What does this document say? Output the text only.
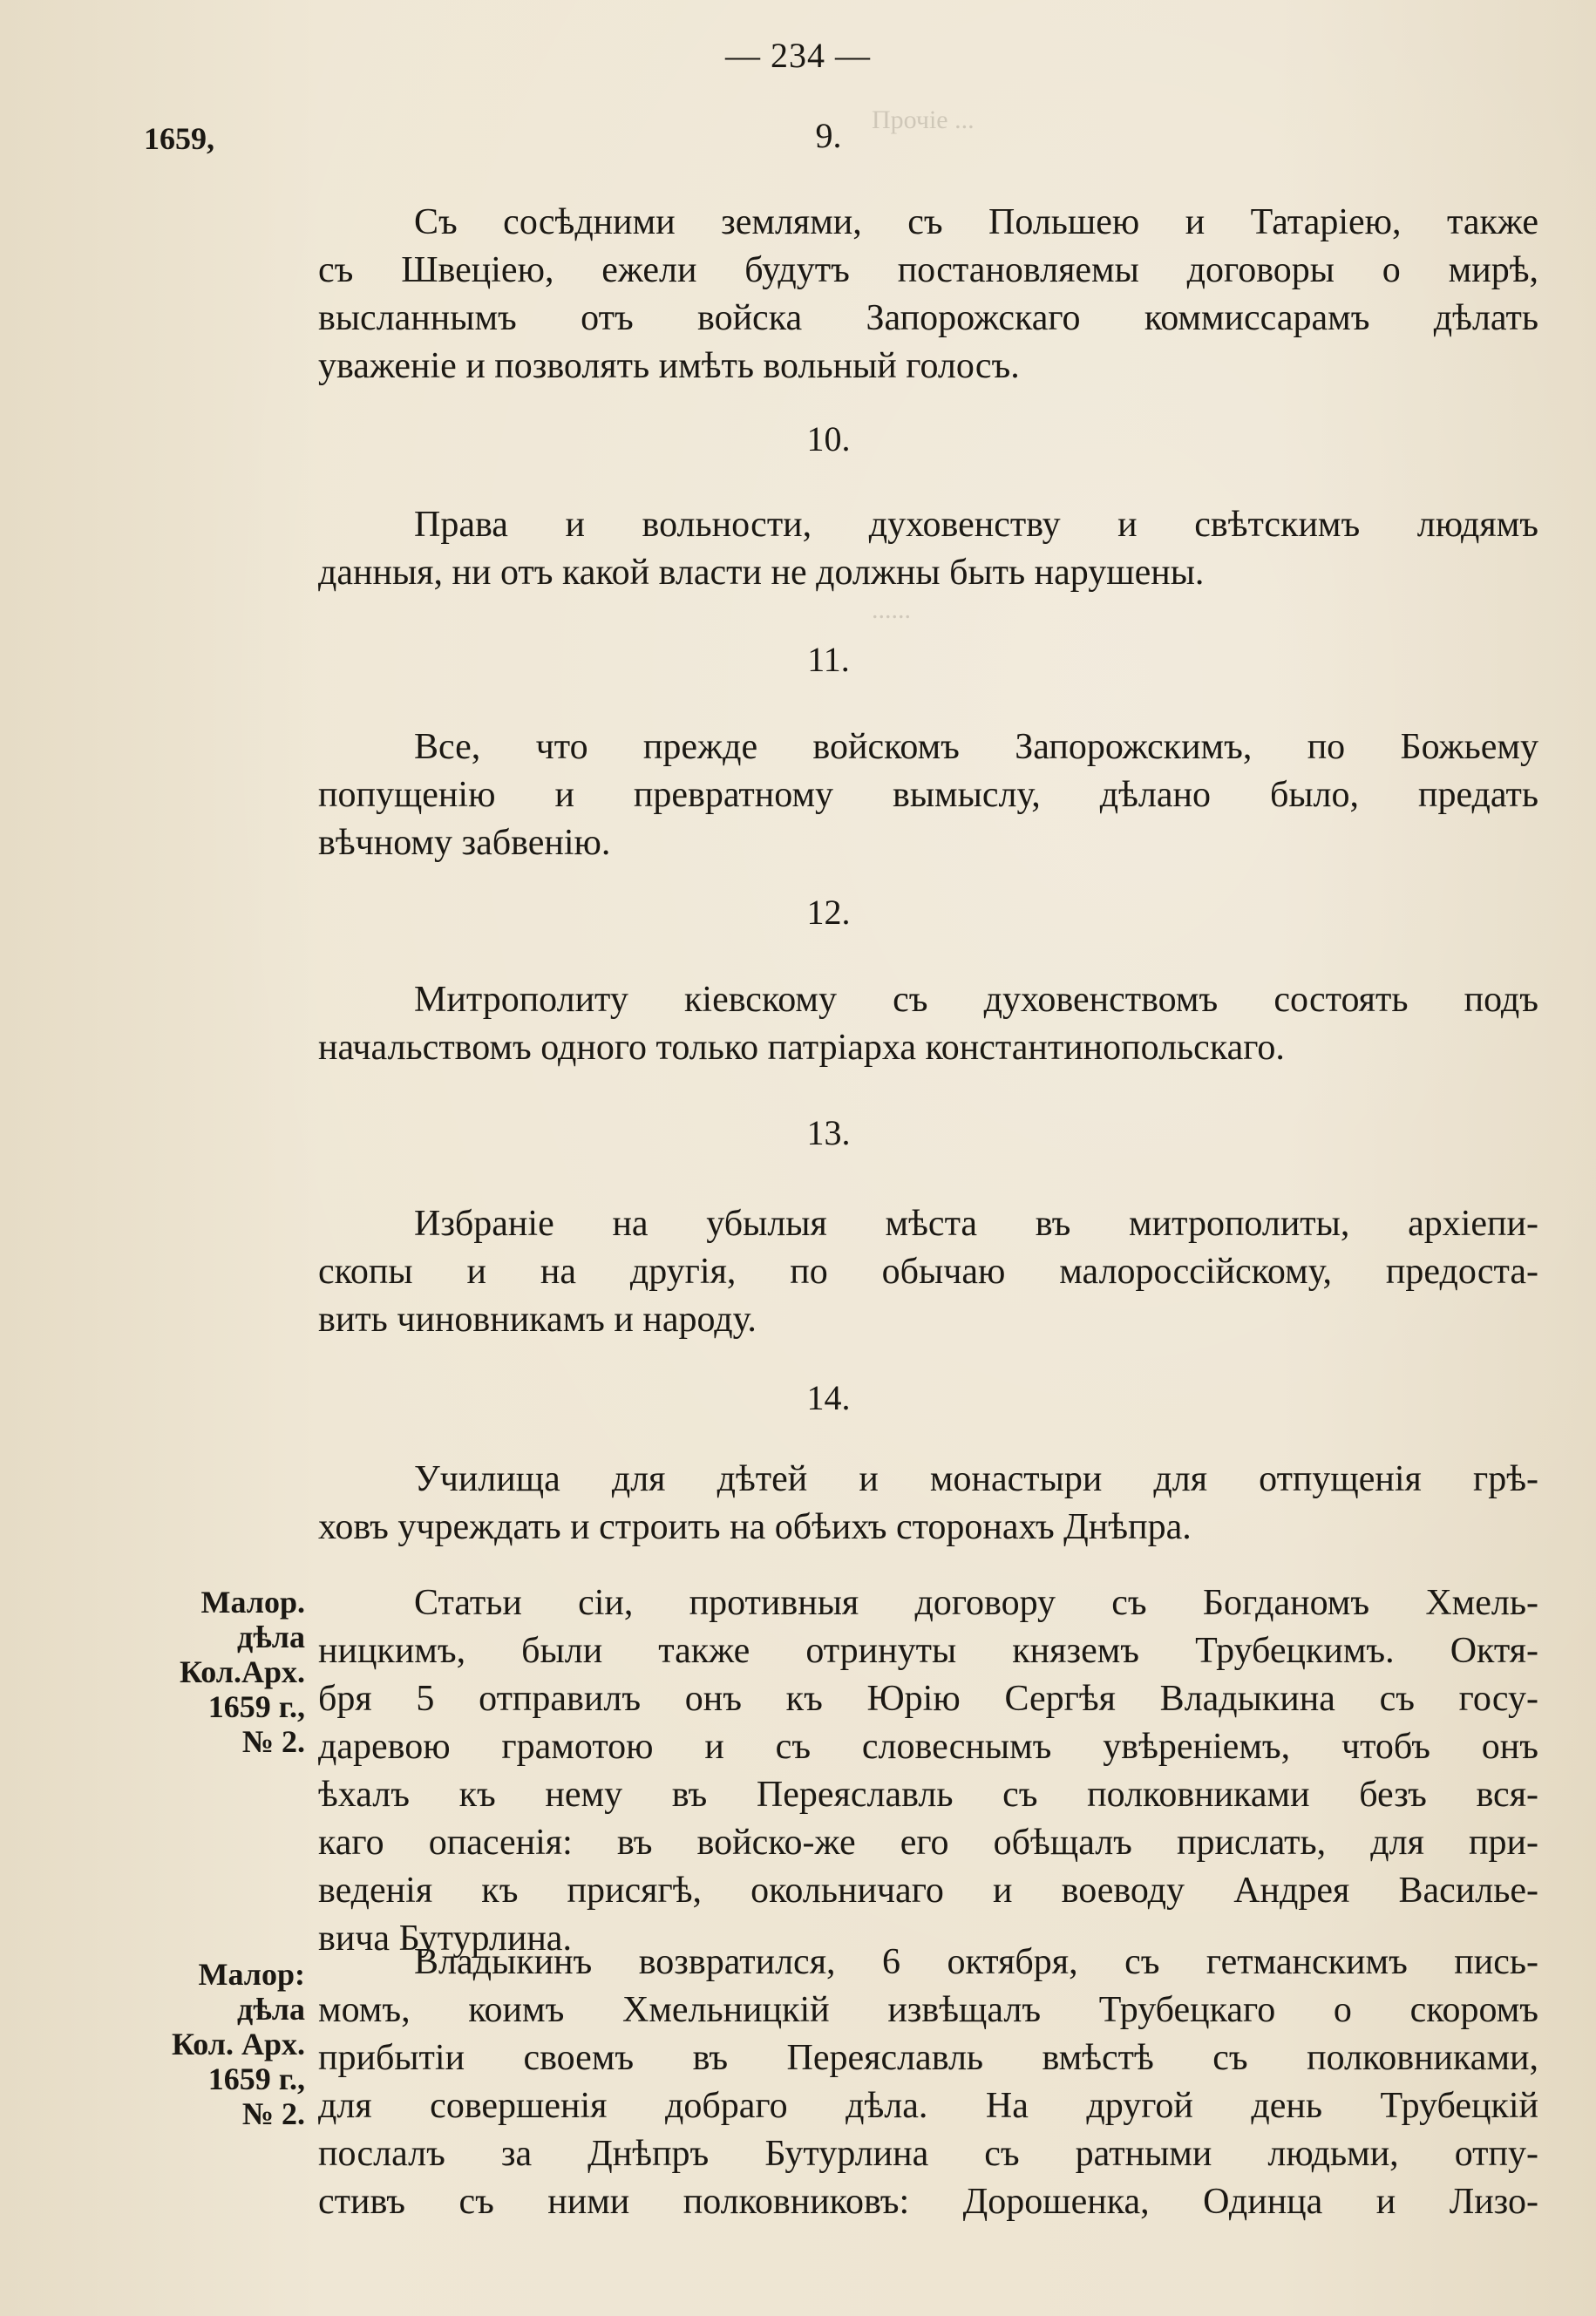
Прочіе ...
......
— 234 —
1659,	9.
Съ сосѣдними землями, съ Польшею и Татаріею, также
съ Швеціею, ежели будутъ постановляемы договоры о мирѣ,
высланнымъ отъ войска Запорожскаго коммиссарамъ дѣлать
уваженіе и позволять имѣть вольный голосъ.
10.
Права и вольности, духовенству и свѣтскимъ людямъ
данныя, ни отъ какой власти не должны быть нарушены.
11.
Все, что прежде войскомъ Запорожскимъ, по Божьему
попущенію и превратному вымыслу, дѣлано было, предать
вѣчному забвенію.
12.
Митрополиту кіевскому съ духовенствомъ состоять подъ
начальствомъ одного только патріарха константинопольскаго.
13.
Избраніе на убылыя мѣста въ митрополиты, архіепи-
скопы и на другія, по обычаю малороссійскому, предоста-
вить чиновникамъ и народу.
14.
Училища для дѣтей и монастыри для отпущенія грѣ-
ховъ учреждать и строить на обѣихъ сторонахъ Днѣпра.
Малор.
дѣла
Кол.Арх.
1659 г.,
№ 2.
Статьи сіи, противныя договору съ Богданомъ Хмель-
ницкимъ, были также отринуты княземъ Трубецкимъ. Октя-
бря 5 отправилъ онъ къ Юрію Сергѣя Владыкина съ госу-
даревою грамотою и съ словеснымъ увѣреніемъ, чтобъ онъ
ѣхалъ къ нему въ Переяславль съ полковниками безъ вся-
каго опасенія: въ войско-же его обѣщалъ прислать, для при-
веденія къ присягѣ, окольничаго и воеводу Андрея Василье-
вича Бутурлина.
Малор:
дѣла
Кол. Арх.
1659 г.,
№ 2.
Владыкинъ возвратился, 6 октября, съ гетманскимъ пись-
момъ, коимъ Хмельницкій извѣщалъ Трубецкаго о скоромъ
прибытіи своемъ въ Переяславль вмѣстѣ съ полковниками,
для совершенія добраго дѣла. На другой день Трубецкій
послалъ за Днѣпръ Бутурлина съ ратными людьми, отпу-
стивъ съ ними полковниковъ: Дорошенка, Одинца и Лизо-
